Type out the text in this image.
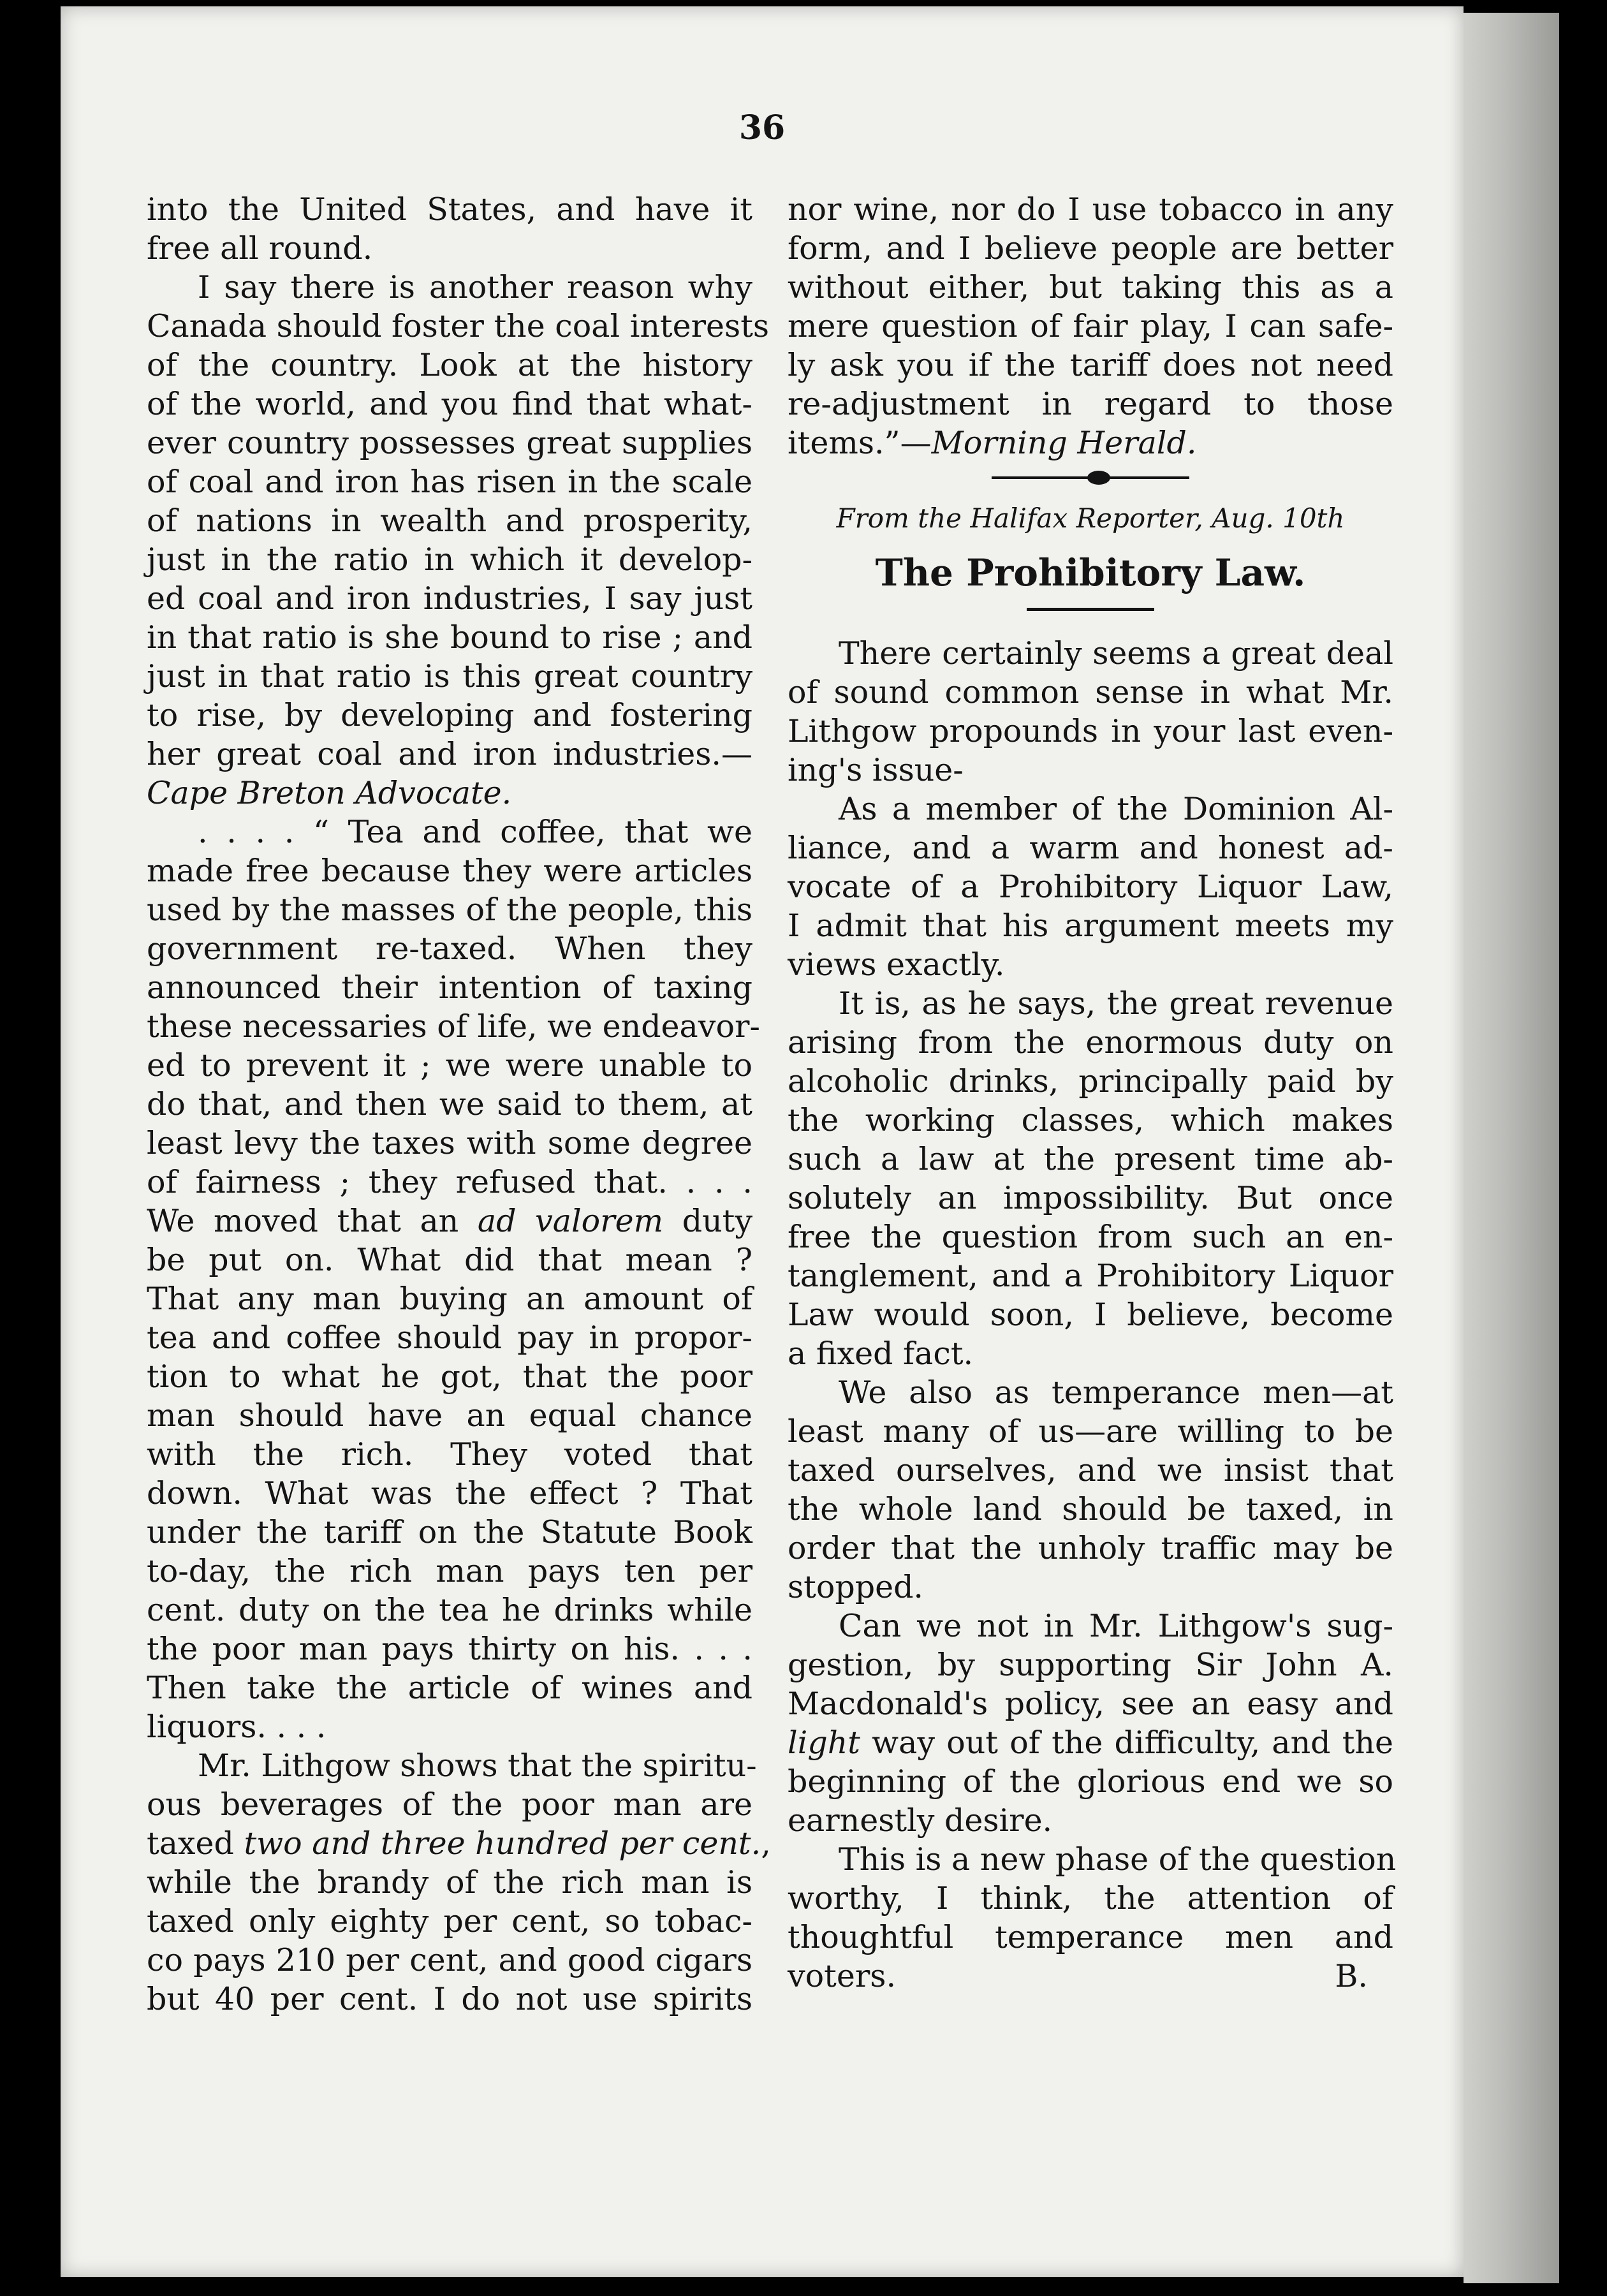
36
into the United States, and have it
free all round.
I say there is another reason why
Canada should foster the coal interests
of the country. Look at the history
of the world, and you find that what-
ever country possesses great supplies
of coal and iron has risen in the scale
of nations in wealth and prosperity,
just in the ratio in which it develop-
ed coal and iron industries, I say just
in that ratio is she bound to rise ; and
just in that ratio is this great country
to rise, by developing and fostering
her great coal and iron industries.—
Cape Breton Advocate.
. . . . “ Tea and coffee, that we
made free because they were articles
used by the masses of the people, this
government re-taxed. When they
announced their intention of taxing
these necessaries of life, we endeavor-
ed to prevent it ; we were unable to
do that, and then we said to them, at
least levy the taxes with some degree
of fairness ; they refused that. . . .
We moved that an ad valorem duty
be put on. What did that mean ?
That any man buying an amount of
tea and coffee should pay in propor-
tion to what he got, that the poor
man should have an equal chance
with the rich. They voted that
down. What was the effect ? That
under the tariff on the Statute Book
to-day, the rich man pays ten per
cent. duty on the tea he drinks while
the poor man pays thirty on his. . . .
Then take the article of wines and
liquors. . . .
Mr. Lithgow shows that the spiritu-
ous beverages of the poor man are
taxed two and three hundred per cent.,
while the brandy of the rich man is
taxed only eighty per cent, so tobac-
co pays 210 per cent, and good cigars
but 40 per cent. I do not use spirits
nor wine, nor do I use tobacco in any
form, and I believe people are better
without either, but taking this as a
mere question of fair play, I can safe-
ly ask you if the tariff does not need
re-adjustment in regard to those
items.”—Morning Herald.
From the Halifax Reporter, Aug. 10th
The Prohibitory Law.
There certainly seems a great deal
of sound common sense in what Mr.
Lithgow propounds in your last even-
ing's issue-
As a member of the Dominion Al-
liance, and a warm and honest ad-
vocate of a Prohibitory Liquor Law,
I admit that his argument meets my
views exactly.
It is, as he says, the great revenue
arising from the enormous duty on
alcoholic drinks, principally paid by
the working classes, which makes
such a law at the present time ab-
solutely an impossibility. But once
free the question from such an en-
tanglement, and a Prohibitory Liquor
Law would soon, I believe, become
a fixed fact.
We also as temperance men—at
least many of us—are willing to be
taxed ourselves, and we insist that
the whole land should be taxed, in
order that the unholy traffic may be
stopped.
Can we not in Mr. Lithgow's sug-
gestion, by supporting Sir John A.
Macdonald's policy, see an easy and
light way out of the difficulty, and the
beginning of the glorious end we so
earnestly desire.
This is a new phase of the question
worthy, I think, the attention of
thoughtful temperance men and
voters.	B.
